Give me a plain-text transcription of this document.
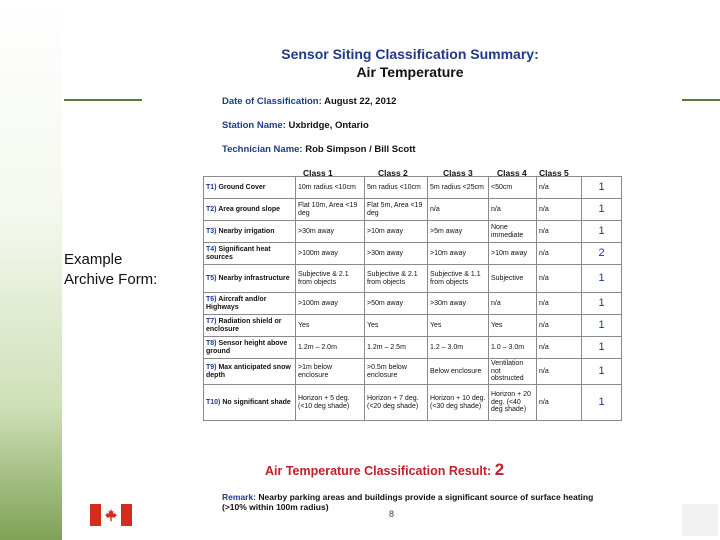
Sensor Siting Classification Summary:
Air Temperature
Date of Classification: August 22, 2012
Station Name: Uxbridge, Ontario
Technician Name: Rob Simpson / Bill Scott
Example
Archive Form:
Class 1	Class 2	Class 3	Class 4 Class 5
T1) Ground Cover	10m radius <10cm	5m radius <10cm	5m radius <25cm	<50cm	n/a	1
T2) Area ground slope	Flat 10m, Area <19 deg	Flat 5m, Area <19 deg	n/a	n/a	n/a	1
T3) Nearby irrigation	>30m away	>10m away	>5m away	None immediate	n/a	1
T4) Significant heat sources	>100m away	>30m away	>10m away	>10m away	n/a	2
T5) Nearby infrastructure	Subjective & 2.1 from objects	Subjective & 2.1 from objects	Subjective & 1.1 from objects	Subjective	n/a	1
T6) Aircraft and/or Highways	>100m away	>50m away	>30m away	n/a	n/a	1
T7) Radiation shield or enclosure	Yes	Yes	Yes	Yes	n/a	1
T8) Sensor height above ground	1.2m – 2.0m	1.2m – 2.5m	1.2 – 3.0m	1.0 – 3.0m	n/a	1
T9) Max anticipated snow depth	>1m below enclosure	>0.5m below enclosure	Below enclosure	Ventilation not obstructed	n/a	1
T10) No significant shade	Horizon + 5 deg. (<10 deg shade)	Horizon + 7 deg. (<20 deg shade)	Horizon + 10 deg. (<30 deg shade)	Horizon + 20 deg. (<40 deg shade)	n/a	1
Air Temperature Classification Result: 2
Remark: Nearby parking areas and buildings provide a significant source of surface heating (>10% within 100m radius)
8
